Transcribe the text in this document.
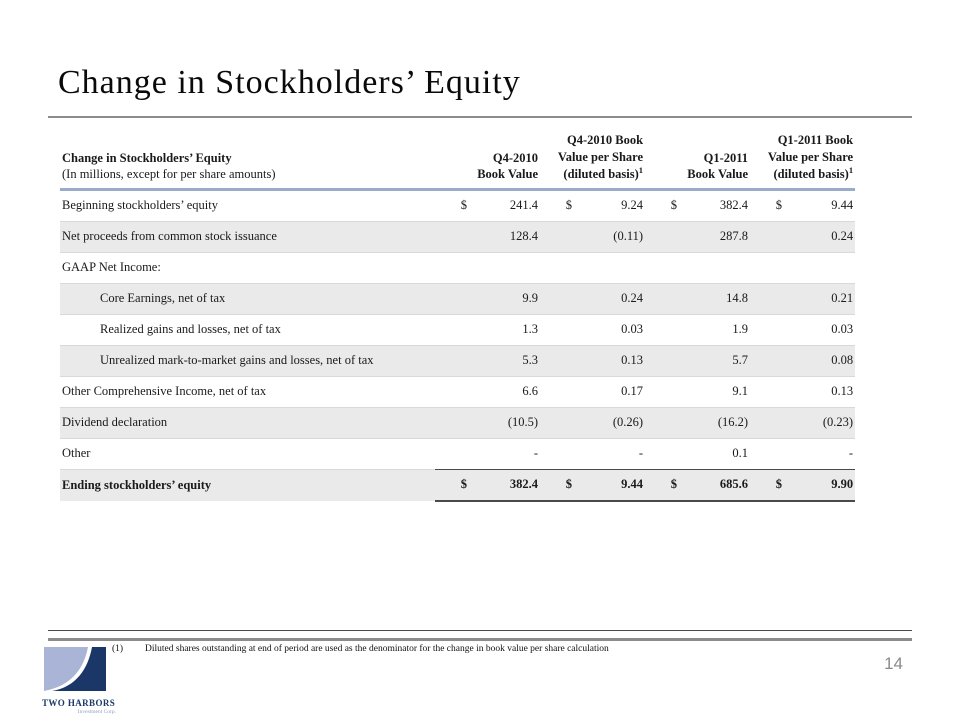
Change in Stockholders’ Equity
Change in Stockholders’ Equity
(In millions, except for per share amounts)

Q4-2010
Book Value

Q4-2010 Book
Value per Share
(diluted basis)$^1$

Q1-2011
Book Value

Q1-2011 Book
Value per Share
(diluted basis)$^1$

Beginning stockholders’ equity	$	241.4	$	9.24	$	382.4	$	9.44
Net proceeds from common stock issuance		128.4		(0.11)		287.8		0.24
GAAP Net Income:								
Core Earnings, net of tax		9.9		0.24		14.8		0.21
Realized gains and losses, net of tax		1.3		0.03		1.9		0.03
Unrealized mark-to-market gains and losses, net of tax		5.3		0.13		5.7		0.08
Other Comprehensive Income, net of tax		6.6		0.17		9.1		0.13
Dividend declaration		(10.5)		(0.26)		(16.2)		(0.23)
Other		-		-		0.1		-
Ending stockholders’ equity	$	382.4	$	9.44	$	685.6	$	9.90
(1) Diluted shares outstanding at end of period are used as the denominator for the change in book value per share calculation
TWO HARBORS
Investment Corp.
14
